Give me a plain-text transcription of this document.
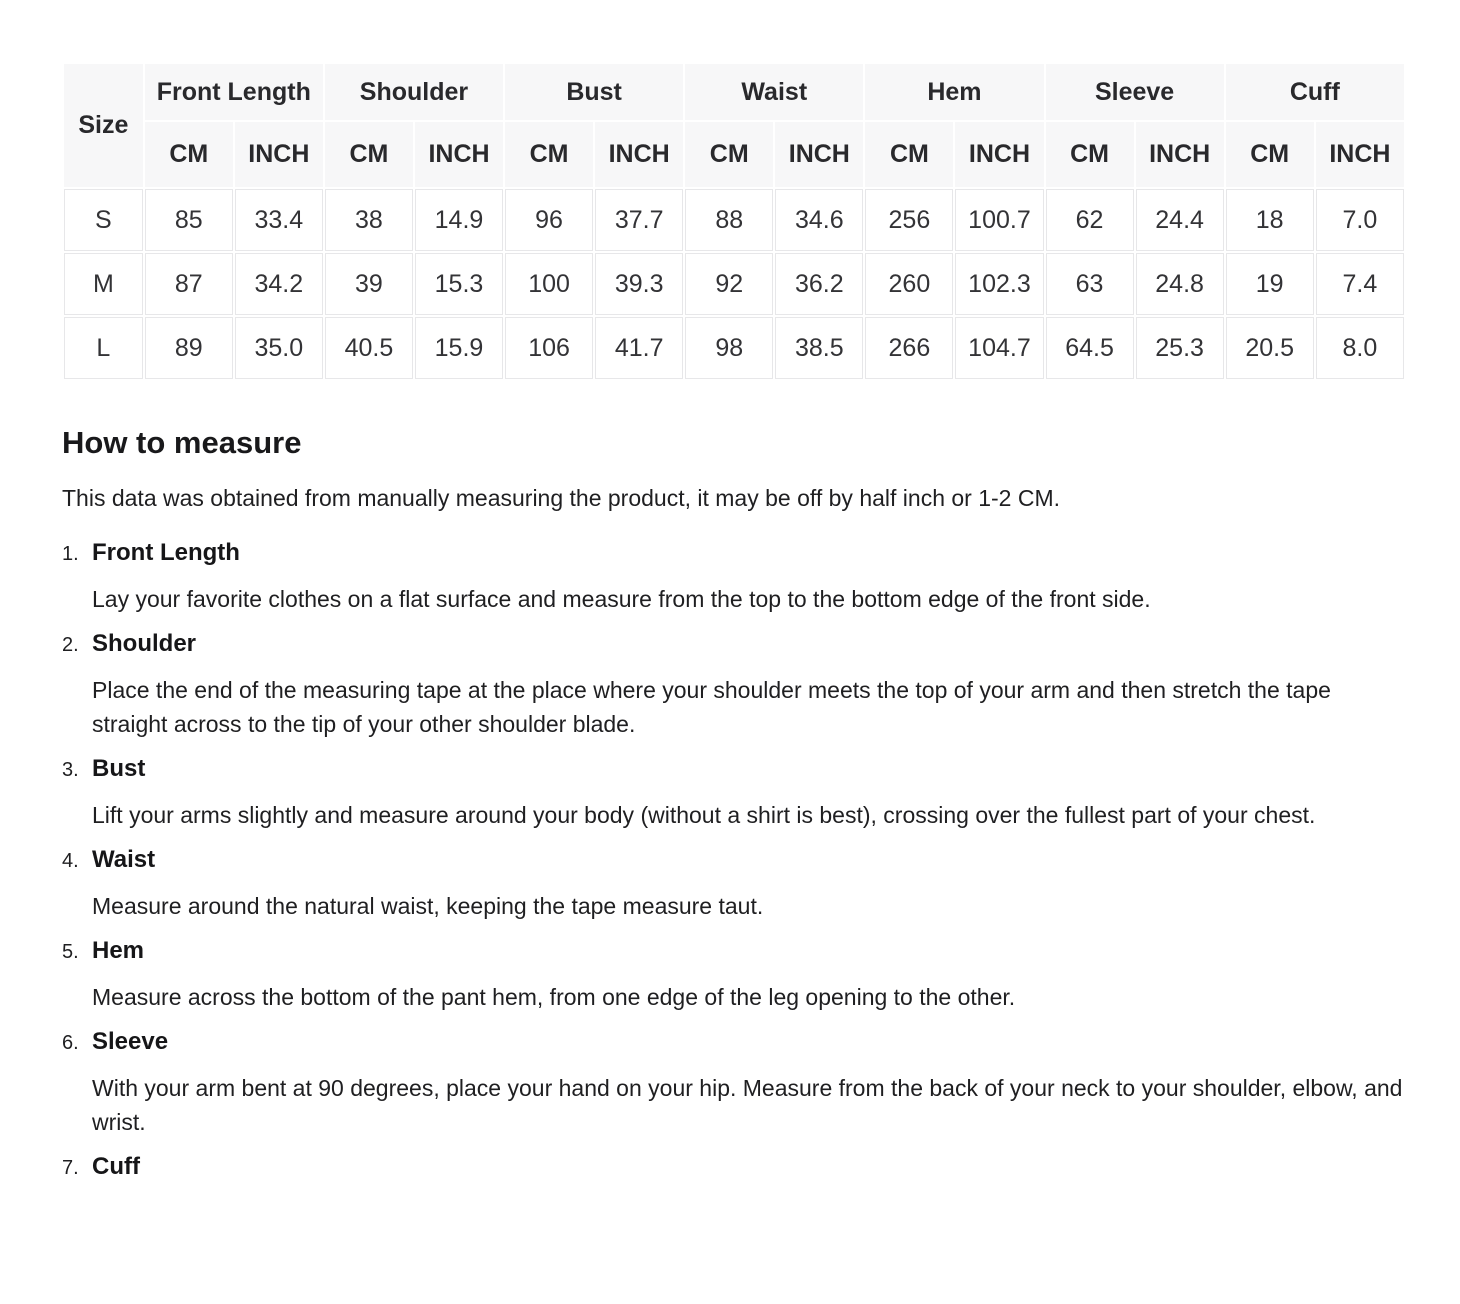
Size	Front Length		Shoulder		Bust		Waist		Hem		Sleeve		Cuff	
	CM	INCH	CM	INCH	CM	INCH	CM	INCH	CM	INCH	CM	INCH	CM	INCH
S	85	33.4	38	14.9	96	37.7	88	34.6	256	100.7	62	24.4	18	7.0
M	87	34.2	39	15.3	100	39.3	92	36.2	260	102.3	63	24.8	19	7.4
L	89	35.0	40.5	15.9	106	41.7	98	38.5	266	104.7	64.5	25.3	20.5	8.0
How to measure

This data was obtained from manually measuring the product, it may be off by half inch or 1-2 CM.

1. Front Length

Lay your favorite clothes on a flat surface and measure from the top to the bottom edge of the front side.

2. Shoulder

Place the end of the measuring tape at the place where your shoulder meets the top of your arm and then stretch the tape straight across to the tip of your other shoulder blade.

3. Bust

Lift your arms slightly and measure around your body (without a shirt is best), crossing over the fullest part of your chest.

4. Waist

Measure around the natural waist, keeping the tape measure taut.

5. Hem

Measure across the bottom of the pant hem, from one edge of the leg opening to the other.

6. Sleeve

With your arm bent at 90 degrees, place your hand on your hip. Measure from the back of your neck to your shoulder, elbow, and wrist.

7. Cuff
